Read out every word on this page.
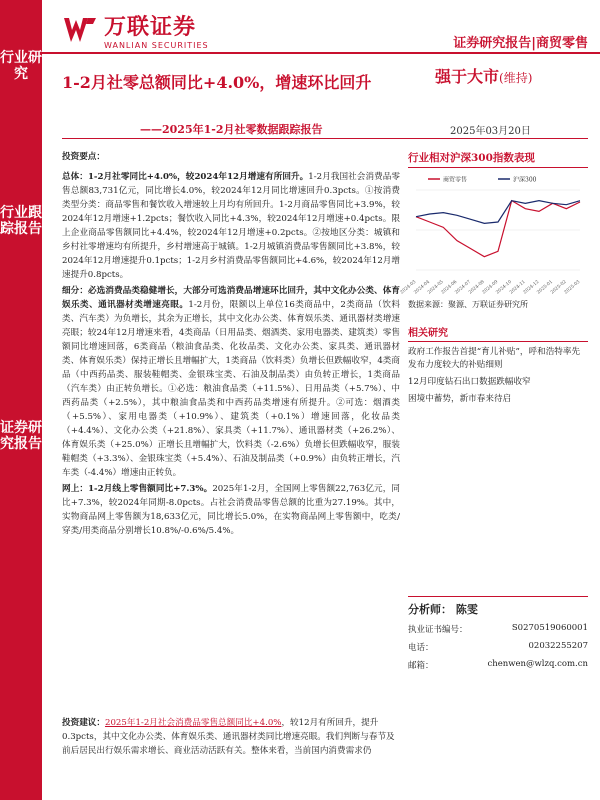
行业研究
行业跟踪报告
证券研究报告
万联证券
WANLIAN SECURITIES	证券研究报告|商贸零售
1-2月社零总额同比+4.0%，增速环比回升
——2025年1-2月社零数据跟踪报告
强于大市(维持)
2025年03月20日

投资要点：

总体：1-2月社零同比+4.0%，较2024年12月增速有所回升。1-2月我国社会消费品零售总额83,731亿元，同比增长4.0%，较2024年12月同比增速回升0.3pcts。①按消费类型分类：商品零售和餐饮收入增速较上月均有所回升。1-2月商品零售同比+3.9%，较2024年12月增速+1.2pcts；餐饮收入同比+4.3%，较2024年12月增速+0.4pcts。限上企业商品零售额同比+4.4%，较2024年12月增速+0.2pcts。②按地区分类：城镇和乡村社零增速均有所提升，乡村增速高于城镇。1-2月城镇消费品零售额同比+3.8%，较2024年12月增速提升0.1pcts；1-2月乡村消费品零售额同比+4.6%，较2024年12月增速提升0.8pcts。

细分：必选消费品类稳健增长，大部分可选消费品增速环比回升，其中文化办公类、体育娱乐类、通讯器材类增速亮眼。1-2月份，限额以上单位16类商品中，2类商品（饮料类、汽车类）为负增长，其余为正增长，其中文化办公类、体育娱乐类、通讯器材类增速亮眼；较24年12月增速来看，4类商品（日用品类、烟酒类、家用电器类、建筑类）零售额同比增速回落，6类商品（粮油食品类、化妆品类、文化办公类、家具类、通讯器材类、体育娱乐类）保持正增长且增幅扩大，1类商品（饮料类）负增长但跌幅收窄，4类商品（中西药品类、服装鞋帽类、金银珠宝类、石油及制品类）由负转正增长，1类商品（汽车类）由正转负增长。①必选：粮油食品类（+11.5%）、日用品类（+5.7%）、中西药品类（+2.5%），其中粮油食品类和中西药品类增速有所提升。②可选：烟酒类（+5.5%）、家用电器类（+10.9%）、建筑类（+0.1%）增速回落，化妆品类（+4.4%）、文化办公类（+21.8%）、家具类（+11.7%）、通讯器材类（+26.2%）、体育娱乐类（+25.0%）正增长且增幅扩大，饮料类（-2.6%）负增长但跌幅收窄，服装鞋帽类（+3.3%）、金银珠宝类（+5.4%）、石油及制品类（+0.9%）由负转正增长，汽车类（-4.4%）增速由正转负。

网上：1-2月线上零售额同比+7.3%。2025年1-2月，全国网上零售额22,763亿元，同比+7.3%，较2024年同期-8.0pcts。占社会消费品零售总额的比重为27.19%。其中，实物商品网上零售额为18,633亿元，同比增长5.0%，在实物商品网上零售额中，吃类/穿类/用类商品分别增长10.8%/-0.6%/5.4%。

投资建议：2025年1-2月社会消费品零售总额同比+4.0%，较12月有所回升，提升0.3pcts，其中文化办公类、体育娱乐类、通讯器材类同比增速亮眼。我们判断与春节及前后居民出行娱乐需求增长、商业活动活跃有关。整体来看，当前国内消费需求仍
行业相对沪深300指数表现
商贸零售	沪深300
2024-03
2024-04
2024-05
2024-06
2024-07
2024-08
2024-09
2024-10
2024-11
2024-12
2025-01
2025-02
2025-03
数据来源：聚源、万联证券研究所
相关研究

政府工作报告首提“育儿补贴”，呼和浩特率先发布力度较大的补贴细则

12月印度钻石出口数据跌幅收窄

困境中蓄势，新市春来待启

分析师： 陈雯
执业证书编号：	S0270519060001
电话：	02032255207
邮箱：	chenwen@wlzq.com.cn
